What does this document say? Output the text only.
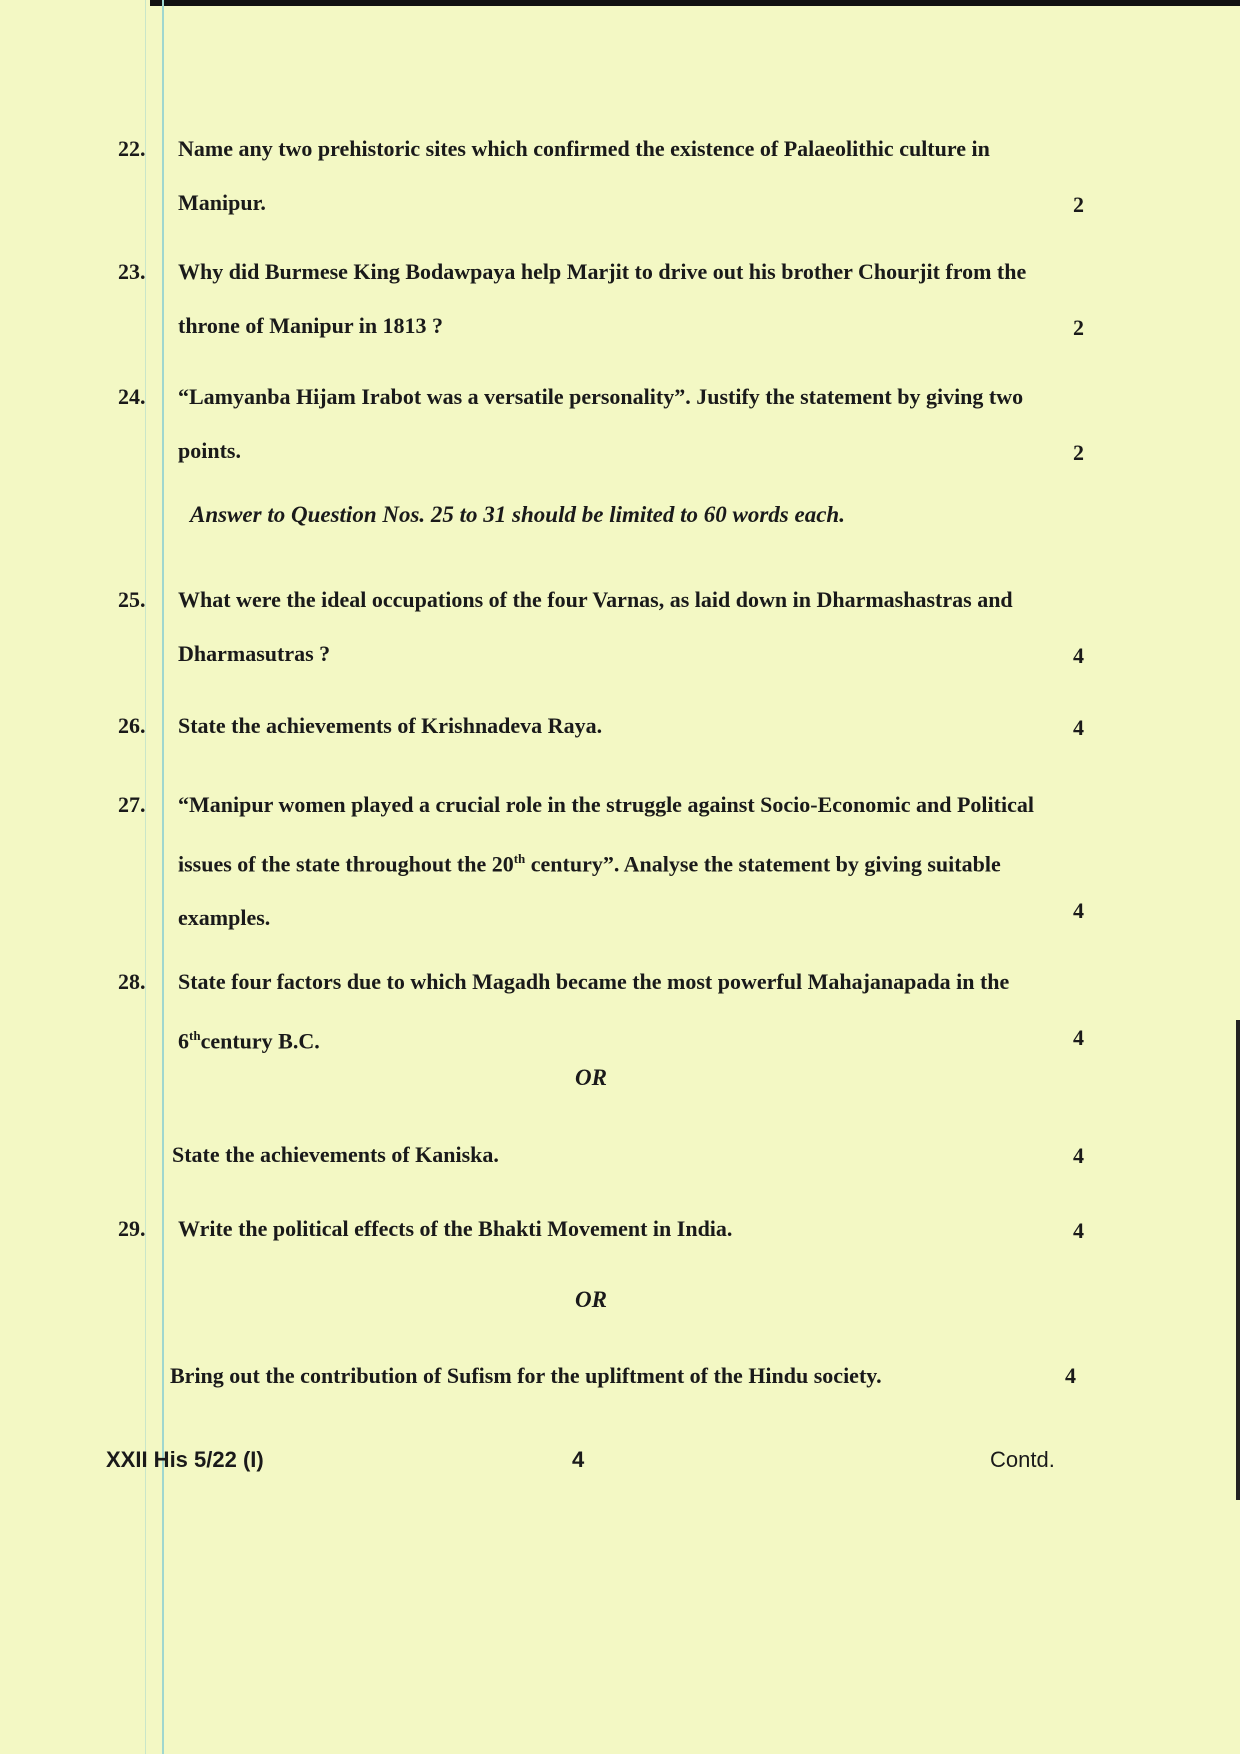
22.	Name any two prehistoric sites which confirmed the existence of Palaeolithic culture in Manipur.	2
23.	Why did Burmese King Bodawpaya help Marjit to drive out his brother Chourjit from the throne of Manipur in 1813 ?	2
24.	“Lamyanba Hijam Irabot was a versatile personality”. Justify the statement by giving two points.	2
Answer to Question Nos. 25 to 31 should be limited to 60 words each.
25.	What were the ideal occupations of the four Varnas, as laid down in Dharmashastras and Dharmasutras ?	4
26.	State the achievements of Krishnadeva Raya.	4
27.	“Manipur women played a crucial role in the struggle against Socio-Economic and Political issues of the state throughout the 20th century”. Analyse the statement by giving suitable examples.	4
28.	State four factors due to which Magadh became the most powerful Mahajanapada in the 6thcentury B.C.	4
OR
State the achievements of Kaniska.	4
29.	Write the political effects of the Bhakti Movement in India.	4
OR
Bring out the contribution of Sufism for the upliftment of the Hindu society.	4
XXII His 5/22 (I)	4	Contd.
